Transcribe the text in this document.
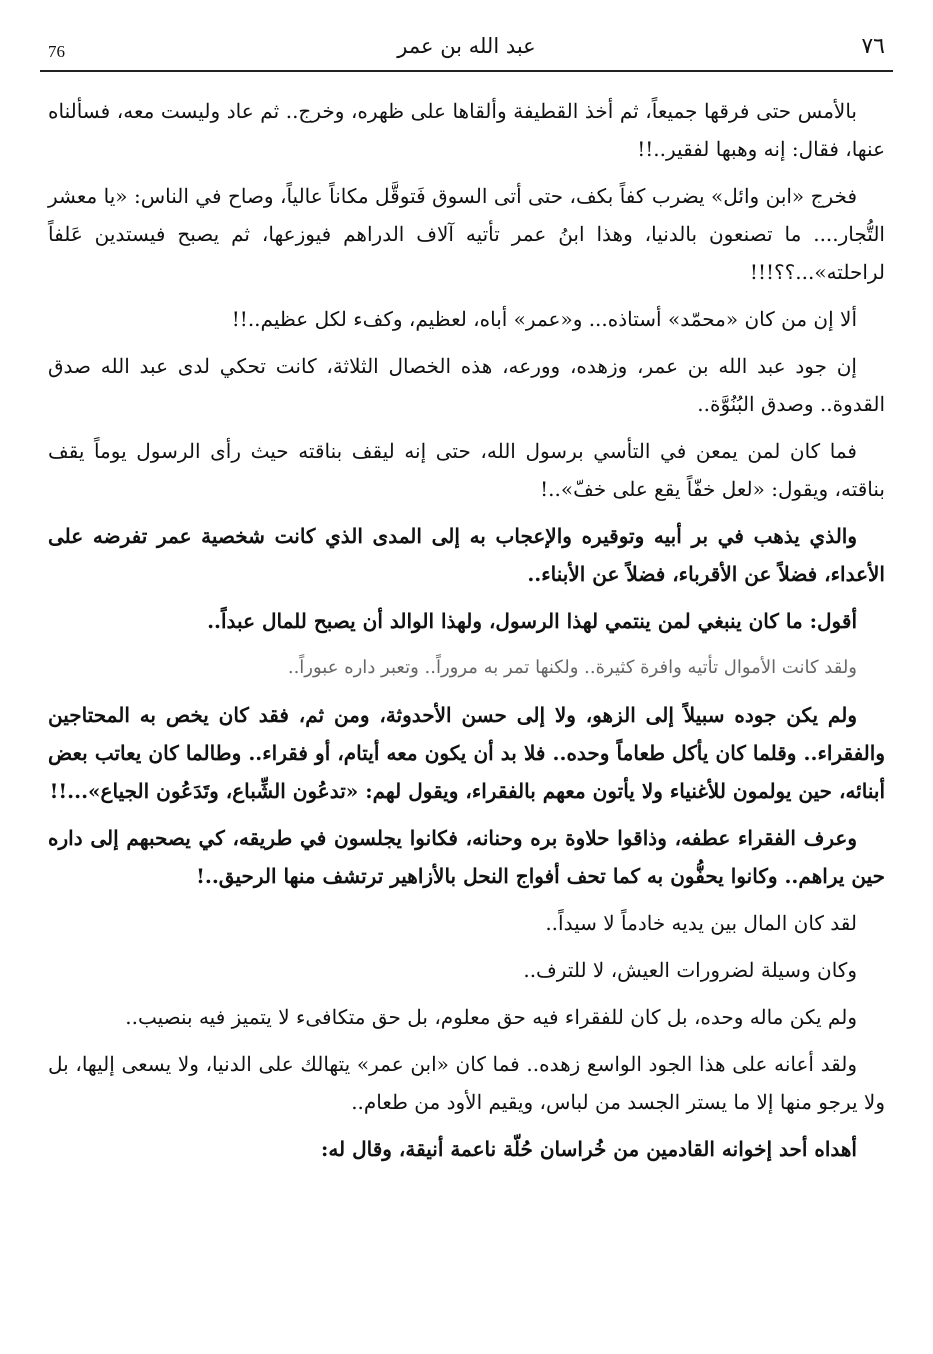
76	عبد الله بن عمر	٧٦

بالأمس حتى فرقها جميعاً، ثم أخذ القطيفة وألقاها على ظهره، وخرج.. ثم عاد وليست معه، فسألناه عنها، فقال: إنه وهبها لفقير..!!

فخرج «ابن وائل» يضرب كفاً بكف، حتى أتى السوق فَتوقَّل مكاناً عالياً، وصاح في الناس: «يا معشر التُّجار.... ما تصنعون بالدنيا، وهذا ابنُ عمر تأتيه آلاف الدراهم فيوزعها، ثم يصبح فيستدين عَلفاً لراحلته»...؟؟!!!

ألا إن من كان «محمّد» أستاذه... و«عمر» أباه، لعظيم، وكفء لكل عظيم..!!

إن جود عبد الله بن عمر، وزهده، وورعه، هذه الخصال الثلاثة، كانت تحكي لدى عبد الله صدق القدوة.. وصدق البُنُوَّة..

فما كان لمن يمعن في التأسي برسول الله، حتى إنه ليقف بناقته حيث رأى الرسول يوماً يقف بناقته، ويقول: «لعل خفّاً يقع على خفّ»..!

والذي يذهب في بر أبيه وتوقيره والإعجاب به إلى المدى الذي كانت شخصية عمر تفرضه على الأعداء، فضلاً عن الأقرباء، فضلاً عن الأبناء..

أقول: ما كان ينبغي لمن ينتمي لهذا الرسول، ولهذا الوالد أن يصبح للمال عبداً..

ولقد كانت الأموال تأتيه وافرة كثيرة.. ولكنها تمر به مروراً.. وتعبر داره عبوراً..

ولم يكن جوده سبيلاً إلى الزهو، ولا إلى حسن الأحدوثة، ومن ثم، فقد كان يخص به المحتاجين والفقراء.. وقلما كان يأكل طعاماً وحده.. فلا بد أن يكون معه أيتام، أو فقراء.. وطالما كان يعاتب بعض أبنائه، حين يولمون للأغنياء ولا يأتون معهم بالفقراء، ويقول لهم: «تدعُون الشِّباع، وتَدَعُون الجياع»...!!

وعرف الفقراء عطفه، وذاقوا حلاوة بره وحنانه، فكانوا يجلسون في طريقه، كي يصحبهم إلى داره حين يراهم.. وكانوا يحفُّون به كما تحف أفواج النحل بالأزاهير ترتشف منها الرحيق..!

لقد كان المال بين يديه خادماً لا سيداً..

وكان وسيلة لضرورات العيش، لا للترف..

ولم يكن ماله وحده، بل كان للفقراء فيه حق معلوم، بل حق متكافىء لا يتميز فيه بنصيب..

ولقد أعانه على هذا الجود الواسع زهده.. فما كان «ابن عمر» يتهالك على الدنيا، ولا يسعى إليها، بل ولا يرجو منها إلا ما يستر الجسد من لباس، ويقيم الأود من طعام..

أهداه أحد إخوانه القادمين من خُراسان حُلّة ناعمة أنيقة، وقال له:
